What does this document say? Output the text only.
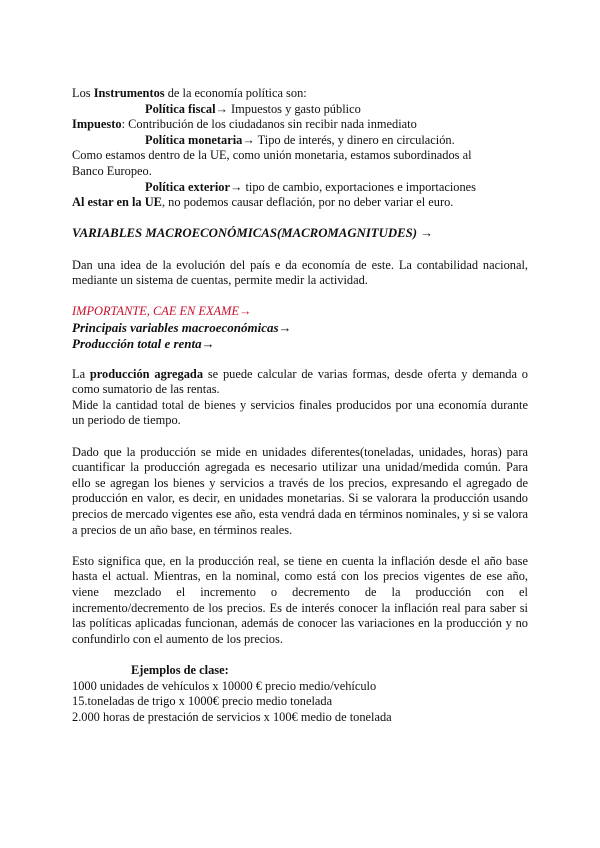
Los Instrumentos de la economía política son:
Política fiscal→ Impuestos y gasto público
Impuesto: Contribución de los ciudadanos sin recibir nada inmediato
Política monetaria→ Tipo de interés, y dinero en circulación.
Como estamos dentro de la UE, como unión monetaria, estamos subordinados al
Banco Europeo.
Política exterior→ tipo de cambio, exportaciones e importaciones
Al estar en la UE, no podemos causar deflación, por no deber variar el euro.
VARIABLES MACROECONÓMICAS(MACROMAGNITUDES) →
Dan una idea de la evolución del país e da economía de este. La contabilidad nacional, mediante un sistema de cuentas, permite medir la actividad.
IMPORTANTE, CAE EN EXAME→
Principais variables macroeconómicas→
Producción total e renta→
La producción agregada se puede calcular de varias formas, desde oferta y demanda o como sumatorio de las rentas.
Mide la cantidad total de bienes y servicios finales producidos por una economía durante un periodo de tiempo.
Dado que la producción se mide en unidades diferentes(toneladas, unidades, horas) para cuantificar la producción agregada es necesario utilizar una unidad/medida común. Para ello se agregan los bienes y servicios a través de los precios, expresando el agregado de producción en valor, es decir, en unidades monetarias. Si se valorara la producción usando precios de mercado vigentes ese año, esta vendrá dada en términos nominales, y si se valora a precios de un año base, en términos reales.
Esto significa que, en la producción real, se tiene en cuenta la inflación desde el año base hasta el actual. Mientras, en la nominal, como está con los precios vigentes de ese año, viene mezclado el incremento o decremento de la producción con el incremento/decremento de los precios. Es de interés conocer la inflación real para saber si las políticas aplicadas funcionan, además de conocer las variaciones en la producción y no confundirlo con el aumento de los precios.
Ejemplos de clase:
1000 unidades de vehículos x 10000 € precio medio/vehículo
15.toneladas de trigo x 1000€ precio medio tonelada
2.000 horas de prestación de servicios x 100€ medio de tonelada
